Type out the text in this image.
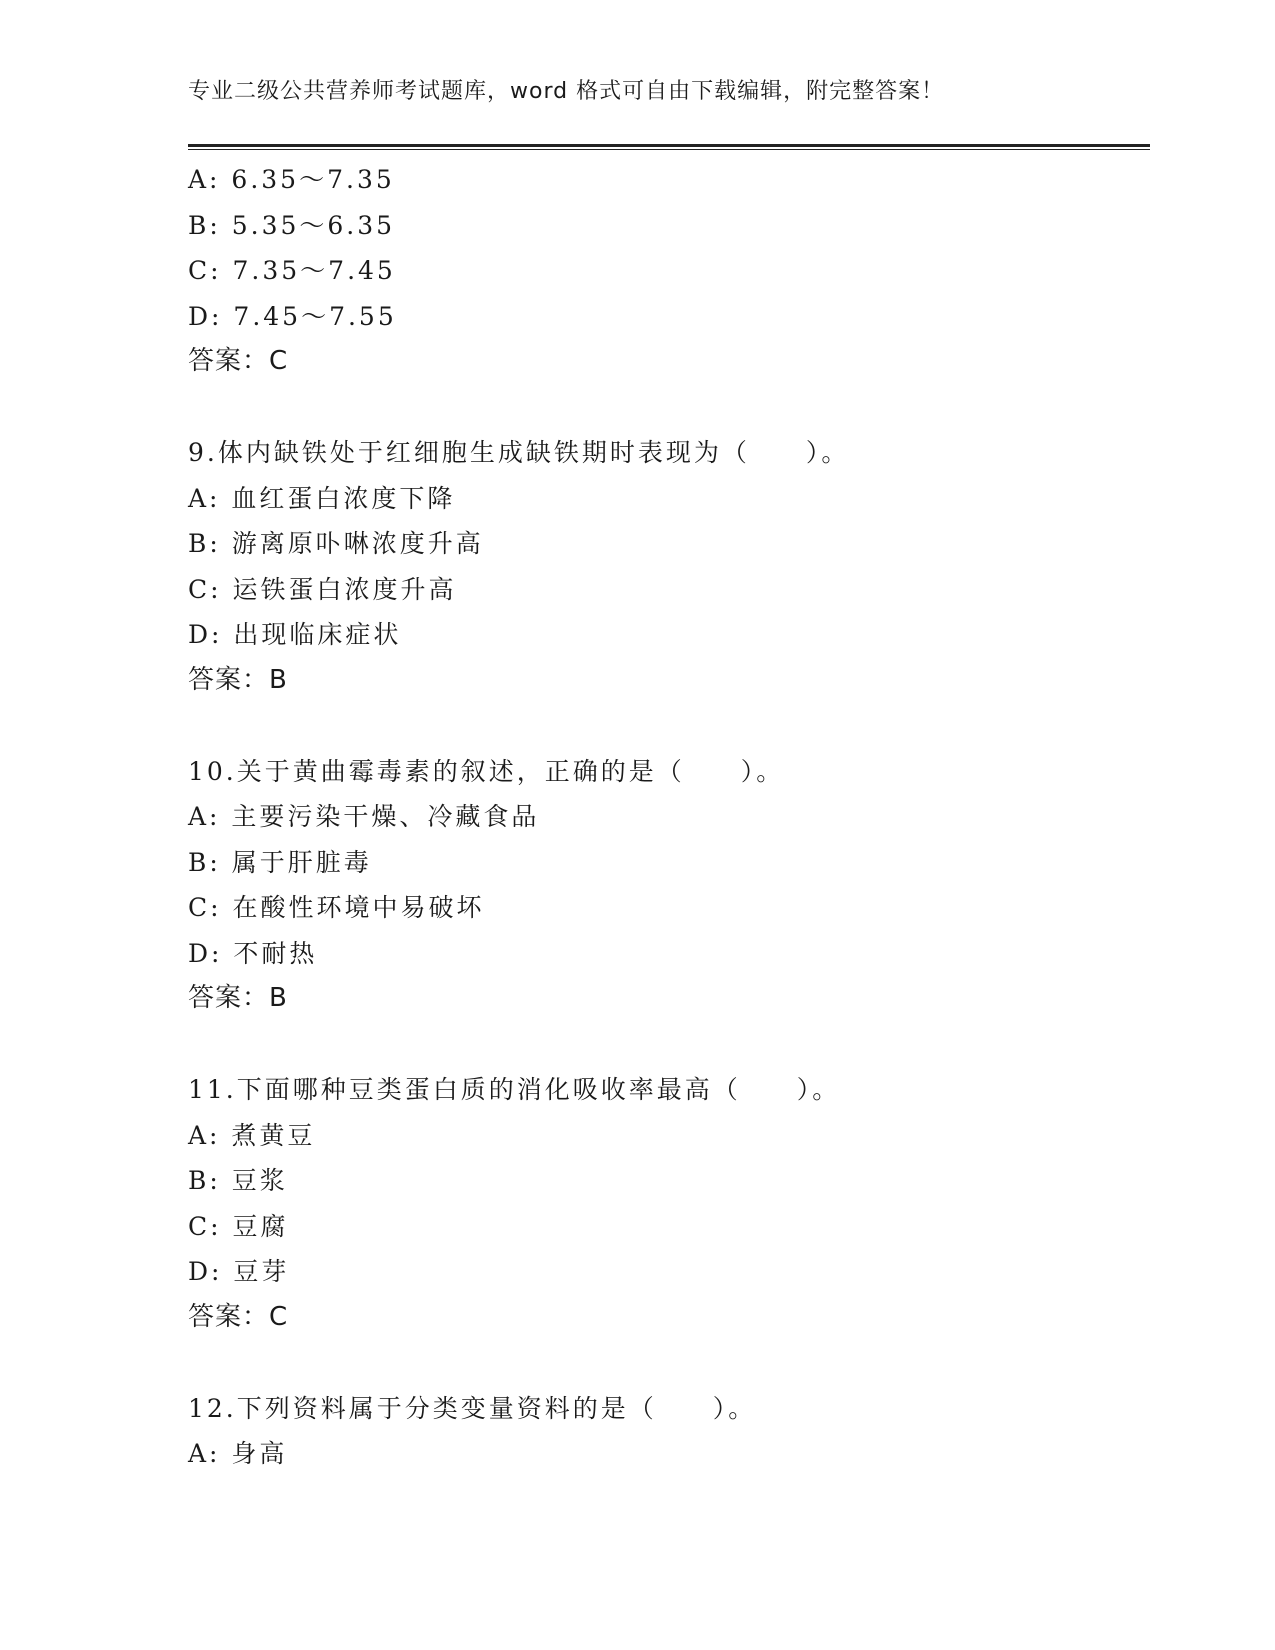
专业二级公共营养师考试题库，word 格式可自由下载编辑，附完整答案！
A: 6.35～7.35
B: 5.35～6.35
C: 7.35～7.45
D: 7.45～7.55
答案：C
9.体内缺铁处于红细胞生成缺铁期时表现为（　　）。
A: 血红蛋白浓度下降
B: 游离原卟啉浓度升高
C: 运铁蛋白浓度升高
D: 出现临床症状
答案：B
10.关于黄曲霉毒素的叙述，正确的是（　　）。
A: 主要污染干燥、冷藏食品
B: 属于肝脏毒
C: 在酸性环境中易破坏
D: 不耐热
答案：B
11.下面哪种豆类蛋白质的消化吸收率最高（　　）。
A: 煮黄豆
B: 豆浆
C: 豆腐
D: 豆芽
答案：C
12.下列资料属于分类变量资料的是（　　）。
A: 身高
